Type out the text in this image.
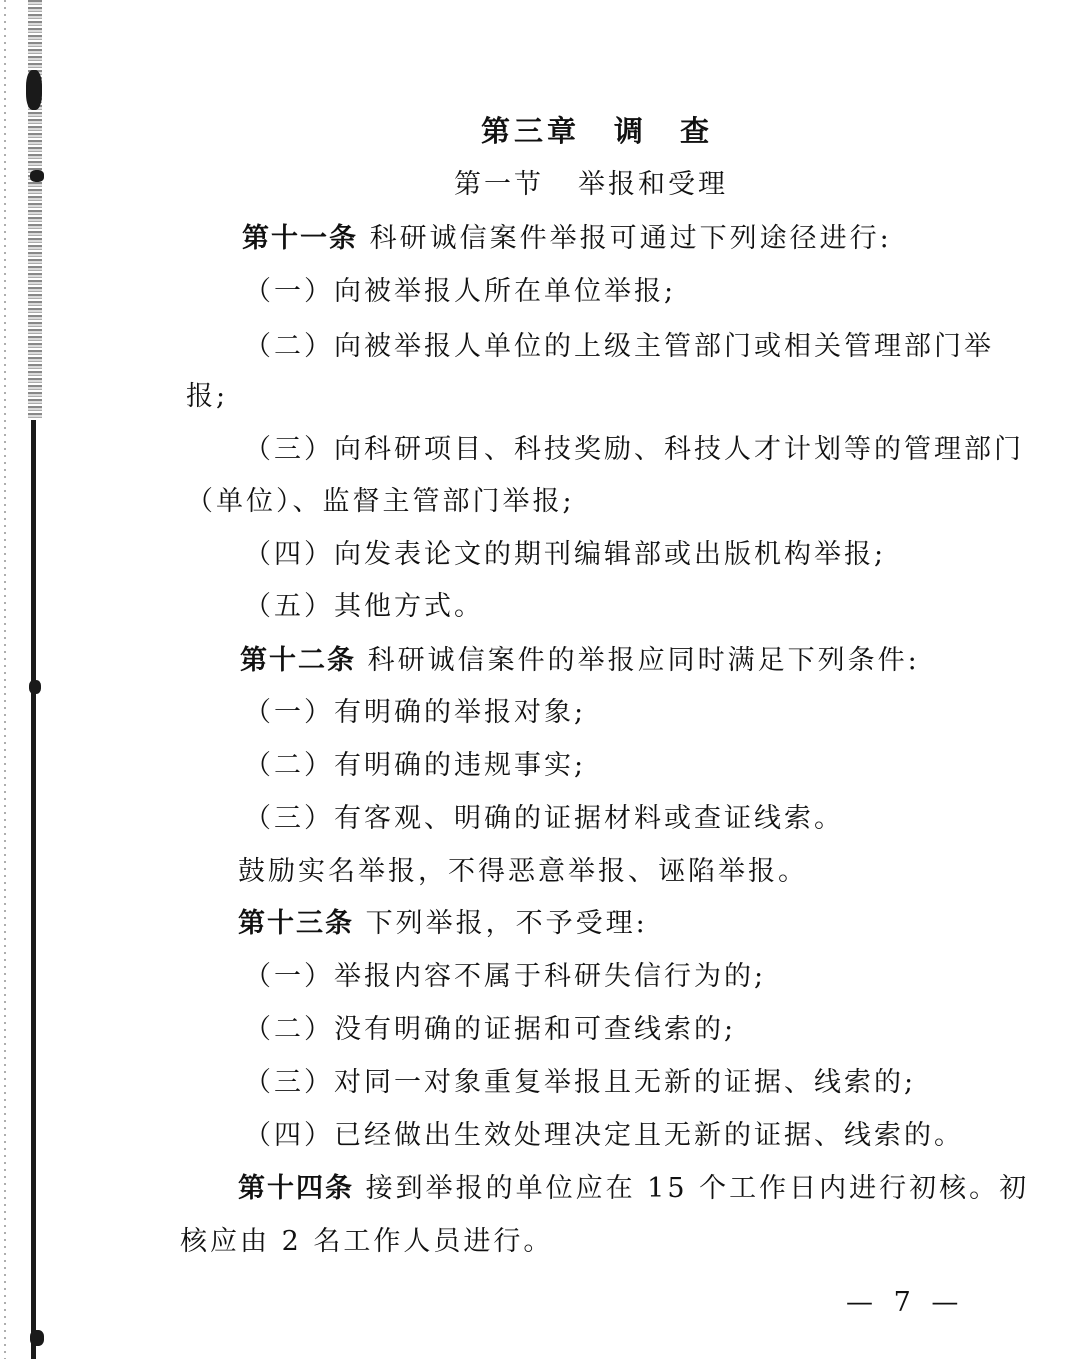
第三章 调　查
第一节 举报和受理
第十一条 科研诚信案件举报可通过下列途径进行:
（一）向被举报人所在单位举报;
（二）向被举报人单位的上级主管部门或相关管理部门举
报;
（三）向科研项目、科技奖励、科技人才计划等的管理部门
（单位）、监督主管部门举报;
（四）向发表论文的期刊编辑部或出版机构举报;
（五）其他方式。
第十二条 科研诚信案件的举报应同时满足下列条件:
（一）有明确的举报对象;
（二）有明确的违规事实;
（三）有客观、明确的证据材料或查证线索。
鼓励实名举报，不得恶意举报、诬陷举报。
第十三条 下列举报，不予受理:
（一）举报内容不属于科研失信行为的;
（二）没有明确的证据和可查线索的;
（三）对同一对象重复举报且无新的证据、线索的;
（四）已经做出生效处理决定且无新的证据、线索的。
第十四条 接到举报的单位应在 15 个工作日内进行初核。初
核应由 2 名工作人员进行。
— 7 —
